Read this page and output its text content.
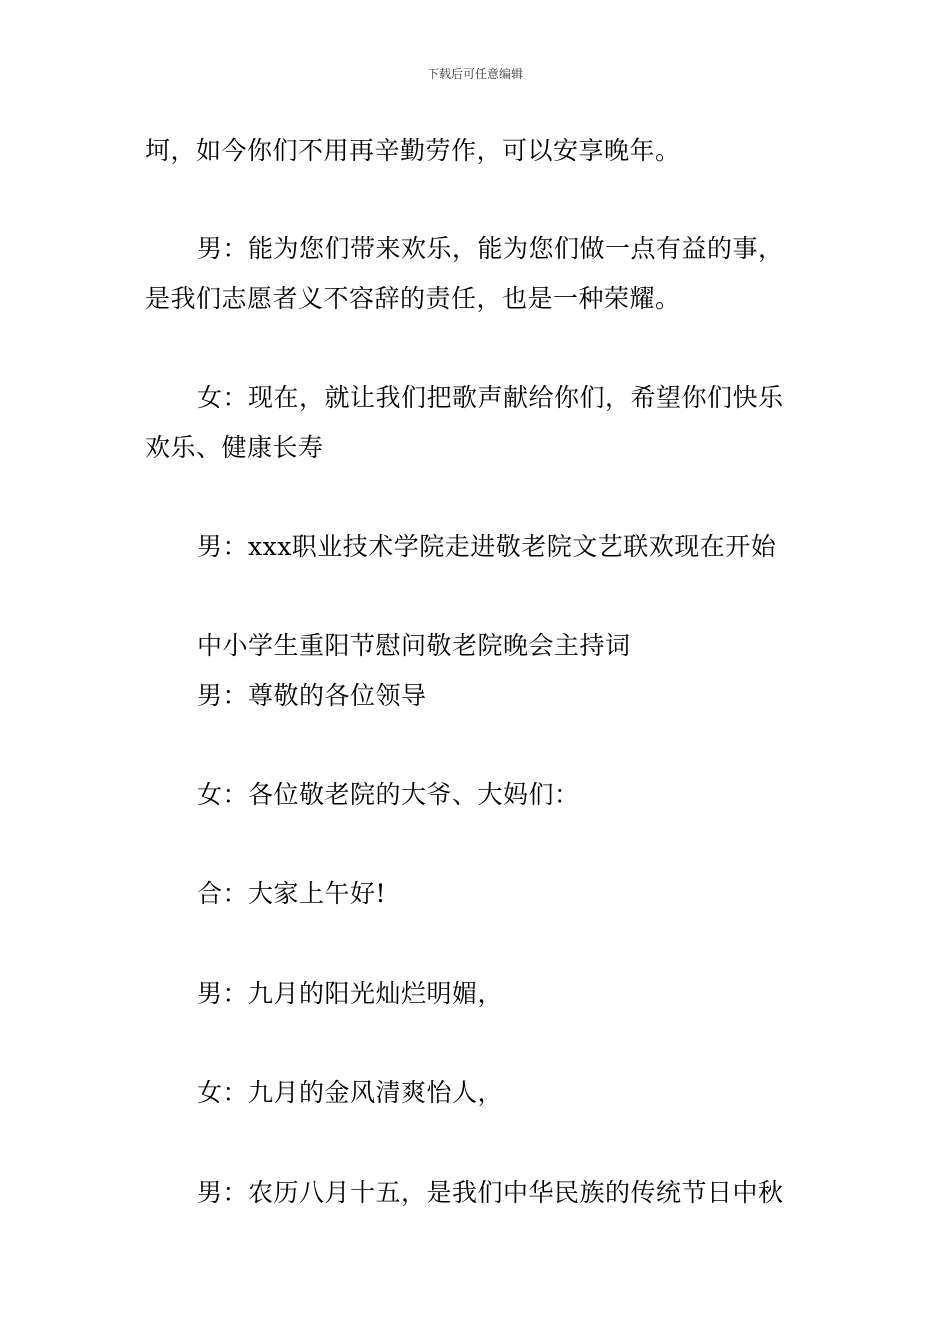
下载后可任意编辑
坷，如今你们不用再辛勤劳作，可以安享晚年。
男：能为您们带来欢乐，能为您们做一点有益的事，
是我们志愿者义不容辞的责任，也是一种荣耀。
女：现在，就让我们把歌声献给你们，希望你们快乐
欢乐、健康长寿
男：xxx职业技术学院走进敬老院文艺联欢现在开始
中小学生重阳节慰问敬老院晚会主持词
男：尊敬的各位领导
女：各位敬老院的大爷、大妈们：
合：大家上午好!
男：九月的阳光灿烂明媚，
女：九月的金风清爽怡人，
男：农历八月十五，是我们中华民族的传统节日中秋
